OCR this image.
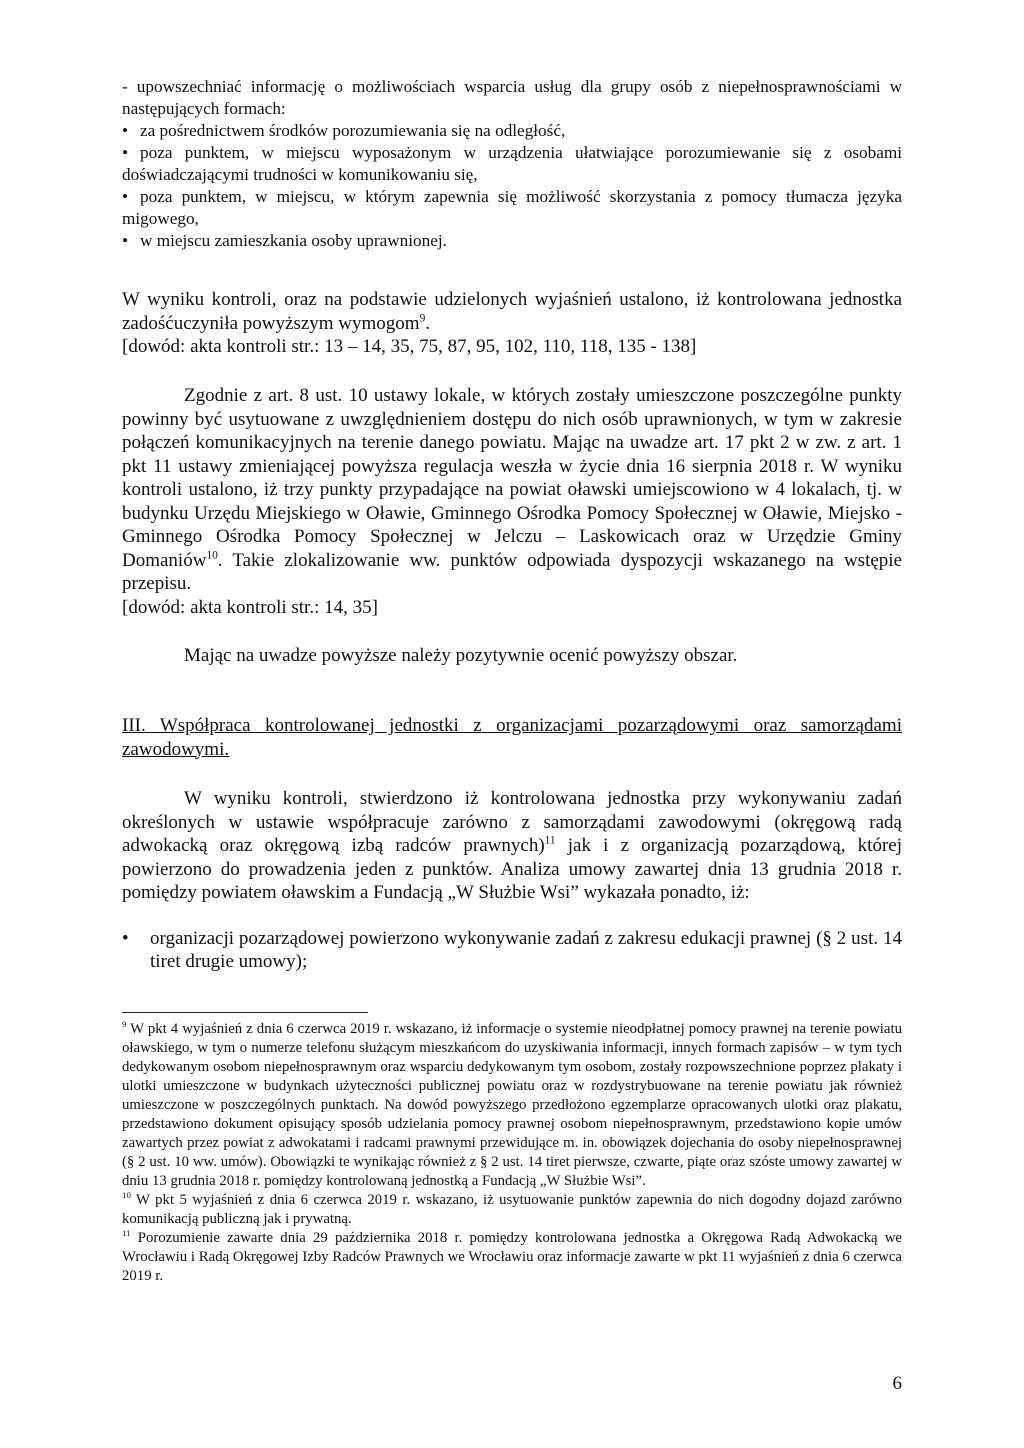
- upowszechniać informację o możliwościach wsparcia usług dla grupy osób z niepełnosprawnościami w następujących formach:

• za pośrednictwem środków porozumiewania się na odległość,

• poza punktem, w miejscu wyposażonym w urządzenia ułatwiające porozumiewanie się z osobami doświadczającymi trudności w komunikowaniu się,

• poza punktem, w miejscu, w którym zapewnia się możliwość skorzystania z pomocy tłumacza języka migowego,

• w miejscu zamieszkania osoby uprawnionej.

W wyniku kontroli, oraz na podstawie udzielonych wyjaśnień ustalono, iż kontrolowana jednostka zadośćuczyniła powyższym wymogom$^9$.

[dowód: akta kontroli str.: 13 – 14, 35, 75, 87, 95, 102, 110, 118, 135 - 138]

Zgodnie z art. 8 ust. 10 ustawy lokale, w których zostały umieszczone poszczególne punkty powinny być usytuowane z uwzględnieniem dostępu do nich osób uprawnionych, w tym w zakresie połączeń komunikacyjnych na terenie danego powiatu. Mając na uwadze art. 17 pkt 2 w zw. z art. 1 pkt 11 ustawy zmieniającej powyższa regulacja weszła w życie dnia 16 sierpnia 2018 r. W wyniku kontroli ustalono, iż trzy punkty przypadające na powiat oławski umiejscowiono w 4 lokalach, tj. w budynku Urzędu Miejskiego w Oławie, Gminnego Ośrodka Pomocy Społecznej w Oławie, Miejsko - Gminnego Ośrodka Pomocy Społecznej w Jelczu – Laskowicach oraz w Urzędzie Gminy Domaniów$^{10}$. Takie zlokalizowanie ww. punktów odpowiada dyspozycji wskazanego na wstępie przepisu.

[dowód: akta kontroli str.: 14, 35]

Mając na uwadze powyższe należy pozytywnie ocenić powyższy obszar.

III. Współpraca kontrolowanej jednostki z organizacjami pozarządowymi oraz samorządami zawodowymi.

W wyniku kontroli, stwierdzono iż kontrolowana jednostka przy wykonywaniu zadań określonych w ustawie współpracuje zarówno z samorządami zawodowymi (okręgową radą adwokacką oraz okręgową izbą radców prawnych)$^{11}$ jak i z organizacją pozarządową, której powierzono do prowadzenia jeden z punktów. Analiza umowy zawartej dnia 13 grudnia 2018 r. pomiędzy powiatem oławskim a Fundacją „W Służbie Wsi” wykazała ponadto, iż:

• organizacji pozarządowej powierzono wykonywanie zadań z zakresu edukacji prawnej (§ 2 ust. 14 tiret drugie umowy);

$^9$ W pkt 4 wyjaśnień z dnia 6 czerwca 2019 r. wskazano, iż informacje o systemie nieodpłatnej pomocy prawnej na terenie powiatu oławskiego, w tym o numerze telefonu służącym mieszkańcom do uzyskiwania informacji, innych formach zapisów – w tym tych dedykowanym osobom niepełnosprawnym oraz wsparciu dedykowanym tym osobom, zostały rozpowszechnione poprzez plakaty i ulotki umieszczone w budynkach użyteczności publicznej powiatu oraz w rozdystrybuowane na terenie powiatu jak również umieszczone w poszczególnych punktach. Na dowód powyższego przedłożono egzemplarze opracowanych ulotki oraz plakatu, przedstawiono dokument opisujący sposób udzielania pomocy prawnej osobom niepełnosprawnym, przedstawiono kopie umów zawartych przez powiat z adwokatami i radcami prawnymi przewidujące m. in. obowiązek dojechania do osoby niepełnosprawnej (§ 2 ust. 10 ww. umów). Obowiązki te wynikając również z § 2 ust. 14 tiret pierwsze, czwarte, piąte oraz szóste umowy zawartej w dniu 13 grudnia 2018 r. pomiędzy kontrolowaną jednostką a Fundacją „W Służbie Wsi”.

$^{10}$ W pkt 5 wyjaśnień z dnia 6 czerwca 2019 r. wskazano, iż usytuowanie punktów zapewnia do nich dogodny dojazd zarówno komunikacją publiczną jak i prywatną.

$^{11}$ Porozumienie zawarte dnia 29 października 2018 r. pomiędzy kontrolowana jednostka a Okręgowa Radą Adwokacką we Wrocławiu i Radą Okręgowej Izby Radców Prawnych we Wrocławiu oraz informacje zawarte w pkt 11 wyjaśnień z dnia 6 czerwca 2019 r.

6
